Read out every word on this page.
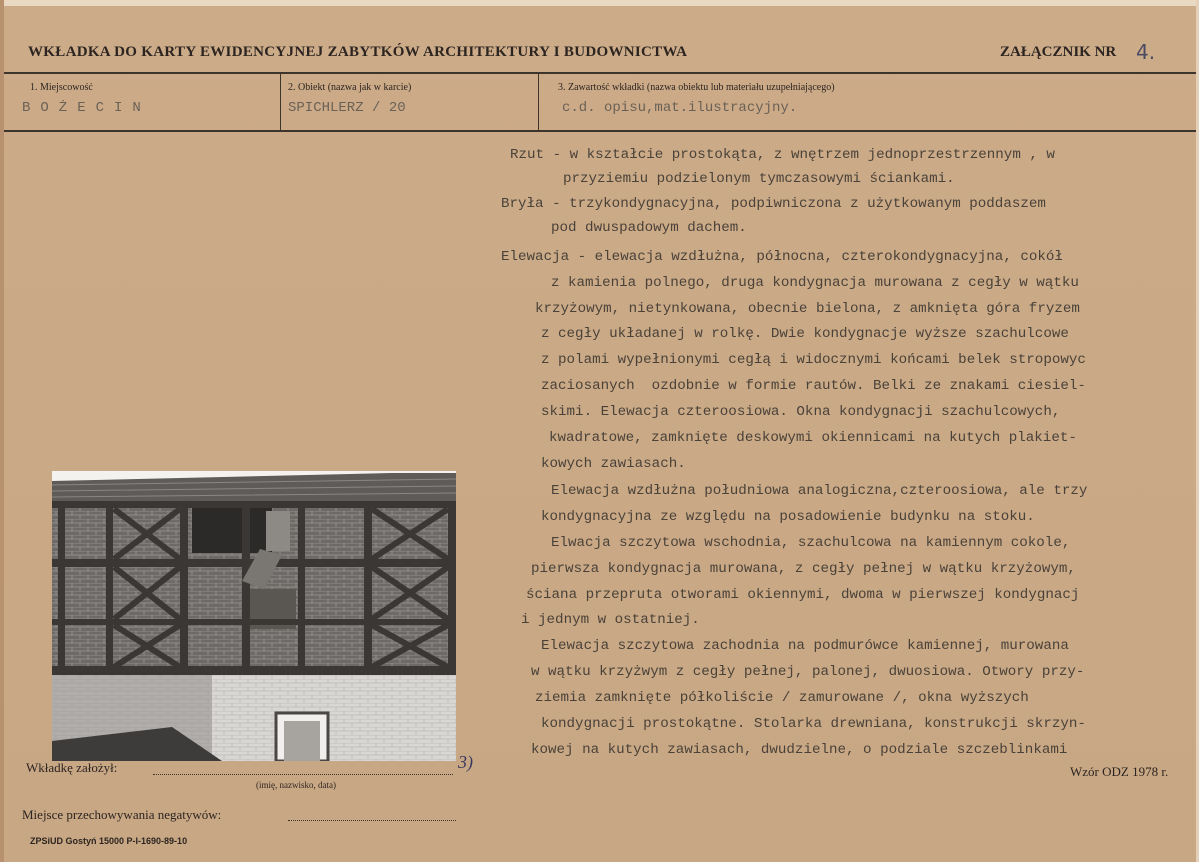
WKŁADKA DO KARTY EWIDENCYJNEJ ZABYTKÓW ARCHITEKTURY I BUDOWNICTWA	ZAŁĄCZNIK NR 4.
1. Miejscowość
BOŻECIN
2. Obiekt (nazwa jak w karcie)
SPICHLERZ / 20
3. Zawartość wkładki (nazwa obiektu lub materiału uzupełniającego)
c.d. opisu,mat.ilustracyjny.
Rzut - w kształcie prostokąta, z wnętrzem jednoprzestrzennym , w
przyziemiu podzielonym tymczasowymi ściankami.
Bryła - trzykondygnacyjna, podpiwniczona z użytkowanym poddaszem
pod dwuspadowym dachem.
Elewacja - elewacja wzdłużna, północna, czterokondygnacyjna, cokół
z kamienia polnego, druga kondygnacja murowana z cegły w wątku
krzyżowym, nietynkowana, obecnie bielona, z amknięta góra fryzem
z cegły układanej w rolkę. Dwie kondygnacje wyższe szachulcowe
z polami wypełnionymi cegłą i widocznymi końcami belek stropowyc
zaciosanych  ozdobnie w formie rautów. Belki ze znakami ciesiel-
skimi. Elewacja czteroosiowa. Okna kondygnacji szachulcowych,
kwadratowe, zamknięte deskowymi okiennicami na kutych plakiet-
kowych zawiasach.
Elewacja wzdłużna południowa analogiczna,czteroosiowa, ale trzy
kondygnacyjna ze względu na posadowienie budynku na stoku.
Elwacja szczytowa wschodnia, szachulcowa na kamiennym cokole,
pierwsza kondygnacja murowana, z cegły pełnej w wątku krzyżowym,
ściana przepruta otworami okiennymi, dwoma w pierwszej kondygnacj
i jednym w ostatniej.
Elewacja szczytowa zachodnia na podmurówce kamiennej, murowana
w wątku krzyżwym z cegły pełnej, palonej, dwuosiowa. Otwory przy-
ziemia zamknięte półkoliście / zamurowane /, okna wyższych
kondygnacji prostokątne. Stolarka drewniana, konstrukcji skrzyn-
kowej na kutych zawiasach, dwudzielne, o podziale szczeblinkami
Wkładkę założył:
(imię, nazwisko, data)
3)
Miejsce przechowywania negatywów:
ZPSiUD Gostyń 15000 P-I-1690-89-10
Wzór ODZ 1978 r.
